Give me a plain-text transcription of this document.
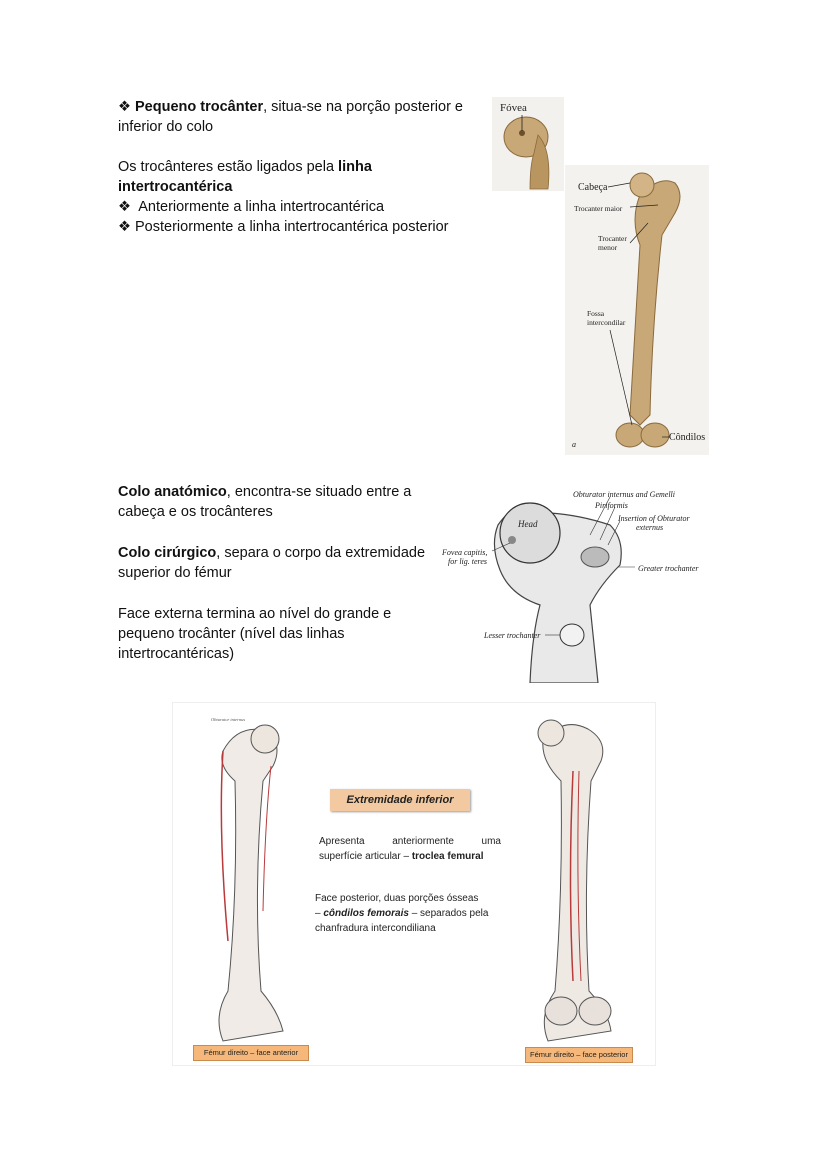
❖ Pequeno trocânter, situa-se na porção posterior e
inferior do colo
Os trocânteres estão ligados pela linha intertrocantérica
❖ Anteriormente a linha intertrocantérica
❖ Posteriormente a linha intertrocantérica posterior
Fóvea
Cabeça
Trocanter maior
Trocanter
menor
Fossa
intercondilar
Côndilos
a
Colo anatómico, encontra-se situado entre a
cabeça e os trocânteres
Colo cirúrgico, separa o corpo da extremidade
superior do fémur
Face externa termina ao nível do grande e
pequeno trocânter (nível das linhas
intertrocantéricas)
Obturator internus and Gemelli
Piriformis
Insertion of Obturator
externus
Head
Fovea capitis,
for lig. teres
Greater trochanter
Lesser trochanter
Obturator internus
Extremidade inferior
Apresenta anteriormente uma
superfície articular – troclea femural
Face posterior, duas porções ósseas
– côndilos femorais – separados pela
chanfradura intercondiliana
Fémur direito – face anterior	Fémur direito – face posterior
